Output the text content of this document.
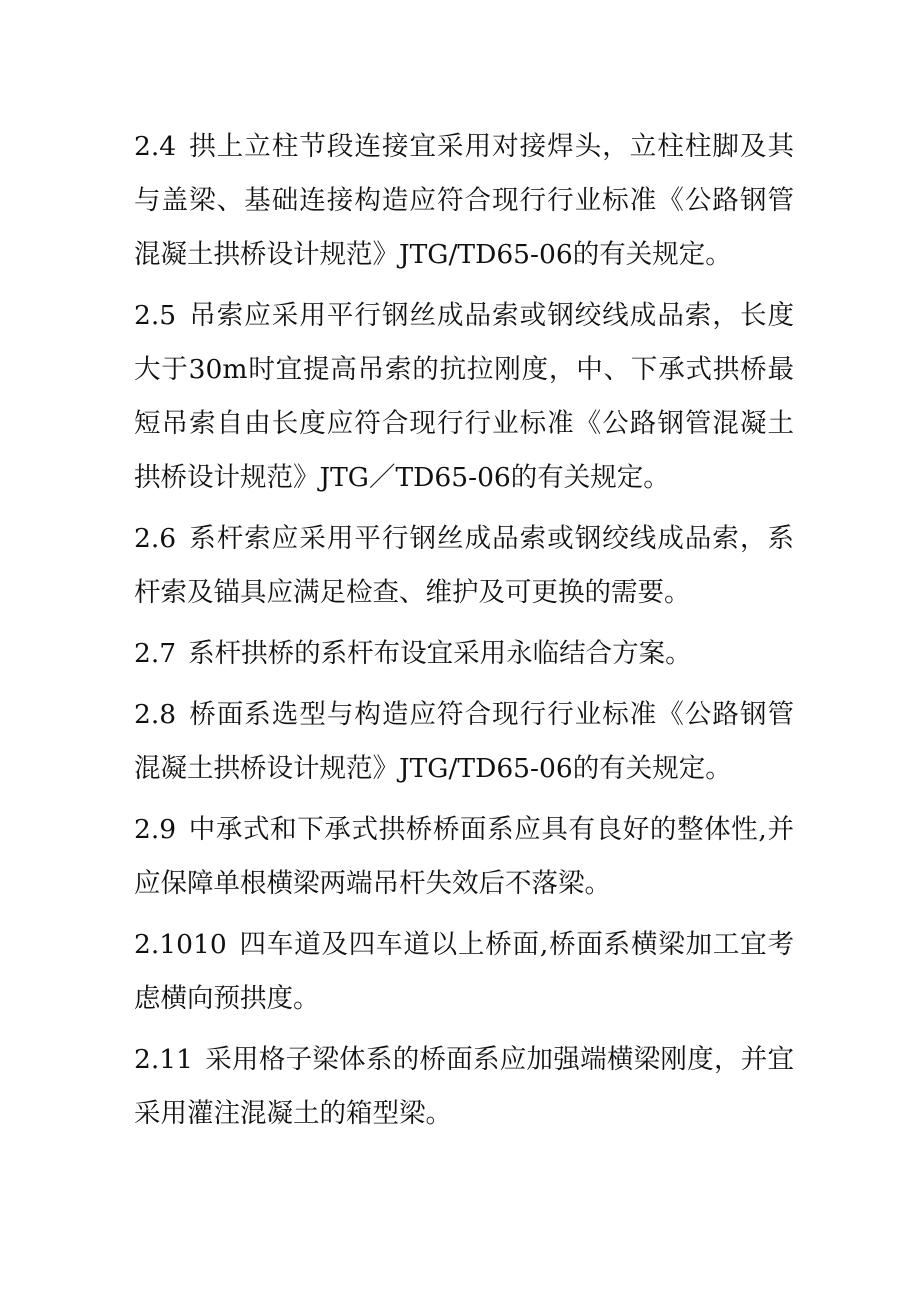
2.4 拱上立柱节段连接宜采用对接焊头，立柱柱脚及其与盖梁、基础连接构造应符合现行行业标准《公路钢管混凝土拱桥设计规范》JTG/TD65-06的有关规定。

2.5 吊索应采用平行钢丝成品索或钢绞线成品索，长度大于30m时宜提高吊索的抗拉刚度，中、下承式拱桥最短吊索自由长度应符合现行行业标准《公路钢管混凝土拱桥设计规范》JTG／TD65-06的有关规定。

2.6 系杆索应采用平行钢丝成品索或钢绞线成品索，系杆索及锚具应满足检查、维护及可更换的需要。

2.7 系杆拱桥的系杆布设宜采用永临结合方案。

2.8 桥面系选型与构造应符合现行行业标准《公路钢管混凝土拱桥设计规范》JTG/TD65-06的有关规定。

2.9 中承式和下承式拱桥桥面系应具有良好的整体性,并应保障单根横梁两端吊杆失效后不落梁。

2.1010 四车道及四车道以上桥面,桥面系横梁加工宜考虑横向预拱度。

2.11 采用格子梁体系的桥面系应加强端横梁刚度，并宜采用灌注混凝土的箱型梁。
